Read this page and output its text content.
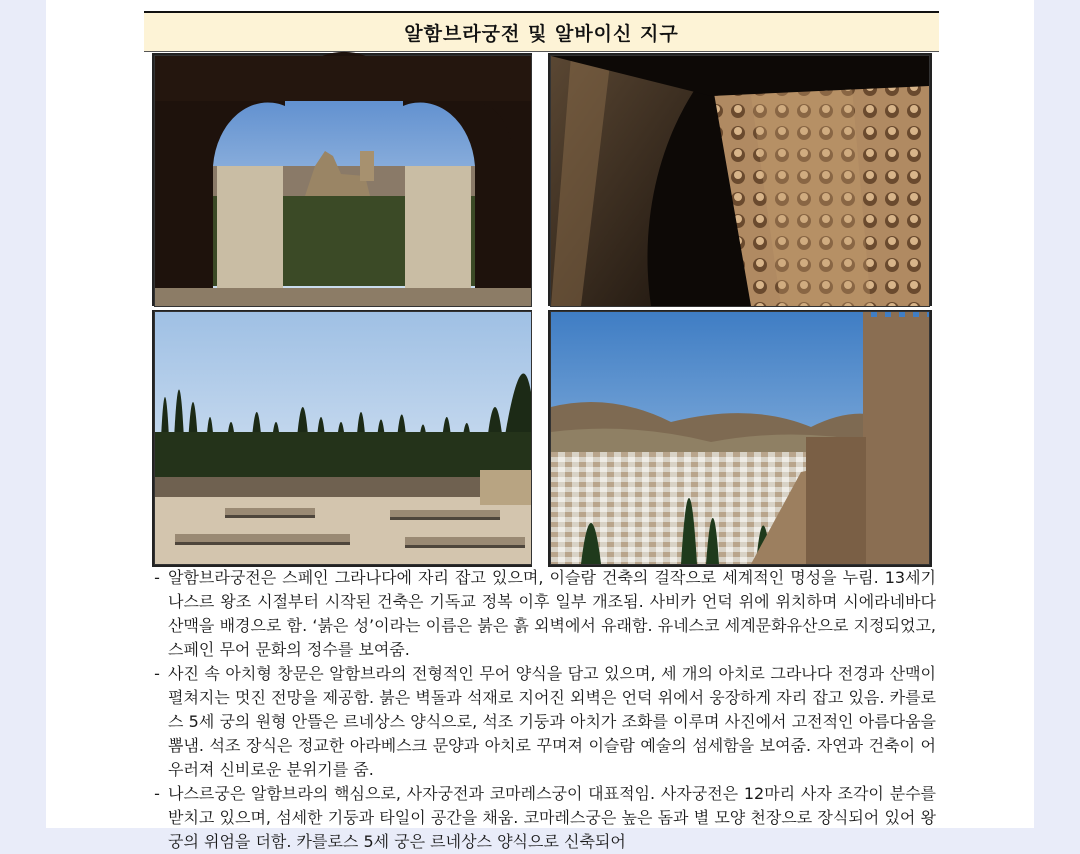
알함브라궁전 및 알바이신 지구
- 알함브라궁전은 스페인 그라나다에 자리 잡고 있으며, 이슬람 건축의 걸작으로 세계적인 명성을 누림. 13세기 나스르 왕조 시절부터 시작된 건축은 기독교 정복 이후 일부 개조됨. 사비카 언덕 위에 위치하며 시에라네바다 산맥을 배경으로 함. ‘붉은 성’이라는 이름은 붉은 흙 외벽에서 유래함. 유네스코 세계문화유산으로 지정되었고, 스페인 무어 문화의 정수를 보여줌.
- 사진 속 아치형 창문은 알함브라의 전형적인 무어 양식을 담고 있으며, 세 개의 아치로 그라나다 전경과 산맥이 펼쳐지는 멋진 전망을 제공함. 붉은 벽돌과 석재로 지어진 외벽은 언덕 위에서 웅장하게 자리 잡고 있음. 카를로스 5세 궁의 원형 안뜰은 르네상스 양식으로, 석조 기둥과 아치가 조화를 이루며 사진에서 고전적인 아름다움을 뽐냄. 석조 장식은 정교한 아라베스크 문양과 아치로 꾸며져 이슬람 예술의 섬세함을 보여줌. 자연과 건축이 어우러져 신비로운 분위기를 줌.
- 나스르궁은 알함브라의 핵심으로, 사자궁전과 코마레스궁이 대표적임. 사자궁전은 12마리 사자 조각이 분수를 받치고 있으며, 섬세한 기둥과 타일이 공간을 채움. 코마레스궁은 높은 돔과 별 모양 천장으로 장식되어 있어 왕궁의 위엄을 더함. 카를로스 5세 궁은 르네상스 양식으로 신축되어
